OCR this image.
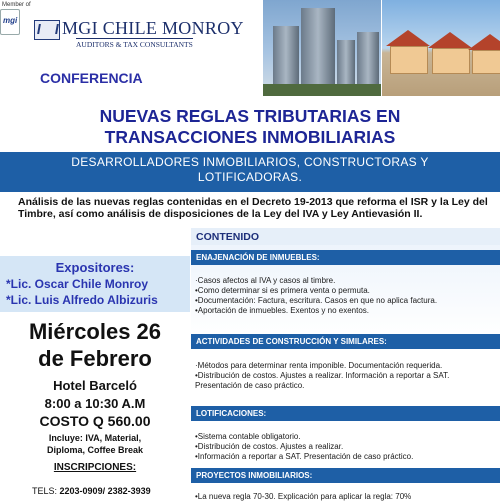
Member of
mgi MGI CHILE MONROY
AUDITORS & TAX CONSULTANTS
CONFERENCIA
NUEVAS REGLAS TRIBUTARIAS EN
TRANSACCIONES INMOBILIARIAS
DESARROLLADORES INMOBILIARIOS, CONSTRUCTORAS Y
LOTIFICADORAS.
Análisis de las nuevas reglas contenidas en el Decreto 19-2013 que reforma el ISR y la Ley del Timbre, así como análisis de disposiciones de la Ley del IVA y Ley Antievasión II.
CONTENIDO
ENAJENACIÓN DE INMUEBLES:
·Casos afectos al IVA y casos al timbre.
•Como determinar si es primera venta o permuta.
•Documentación: Factura, escritura. Casos en que no aplica factura.
•Aportación de inmuebles. Exentos y no exentos.
ACTIVIDADES DE CONSTRUCCIÓN Y SIMILARES:
·Métodos para determinar renta imponible. Documentación requerida.
•Distribución de costos. Ajustes a realizar. Información a reportar a SAT. Presentación de caso práctico.
LOTIFICACIONES:
•Sistema contable obligatorio.
•Distribución de costos. Ajustes a realizar.
•Información a reportar a SAT. Presentación de caso práctico.
PROYECTOS INMOBILIARIOS:
•La nueva regla 70-30. Explicación para aplicar la regla: 70%
Expositores:
*Lic. Oscar Chile Monroy
*Lic. Luis Alfredo Albizuris
Miércoles 26
de Febrero
Hotel Barceló
8:00 a 10:30 A.M
COSTO Q 560.00
Incluye: IVA, Material,
Diploma, Coffee Break
INSCRIPCIONES:
TELS: 2203-0909/ 2382-3939
